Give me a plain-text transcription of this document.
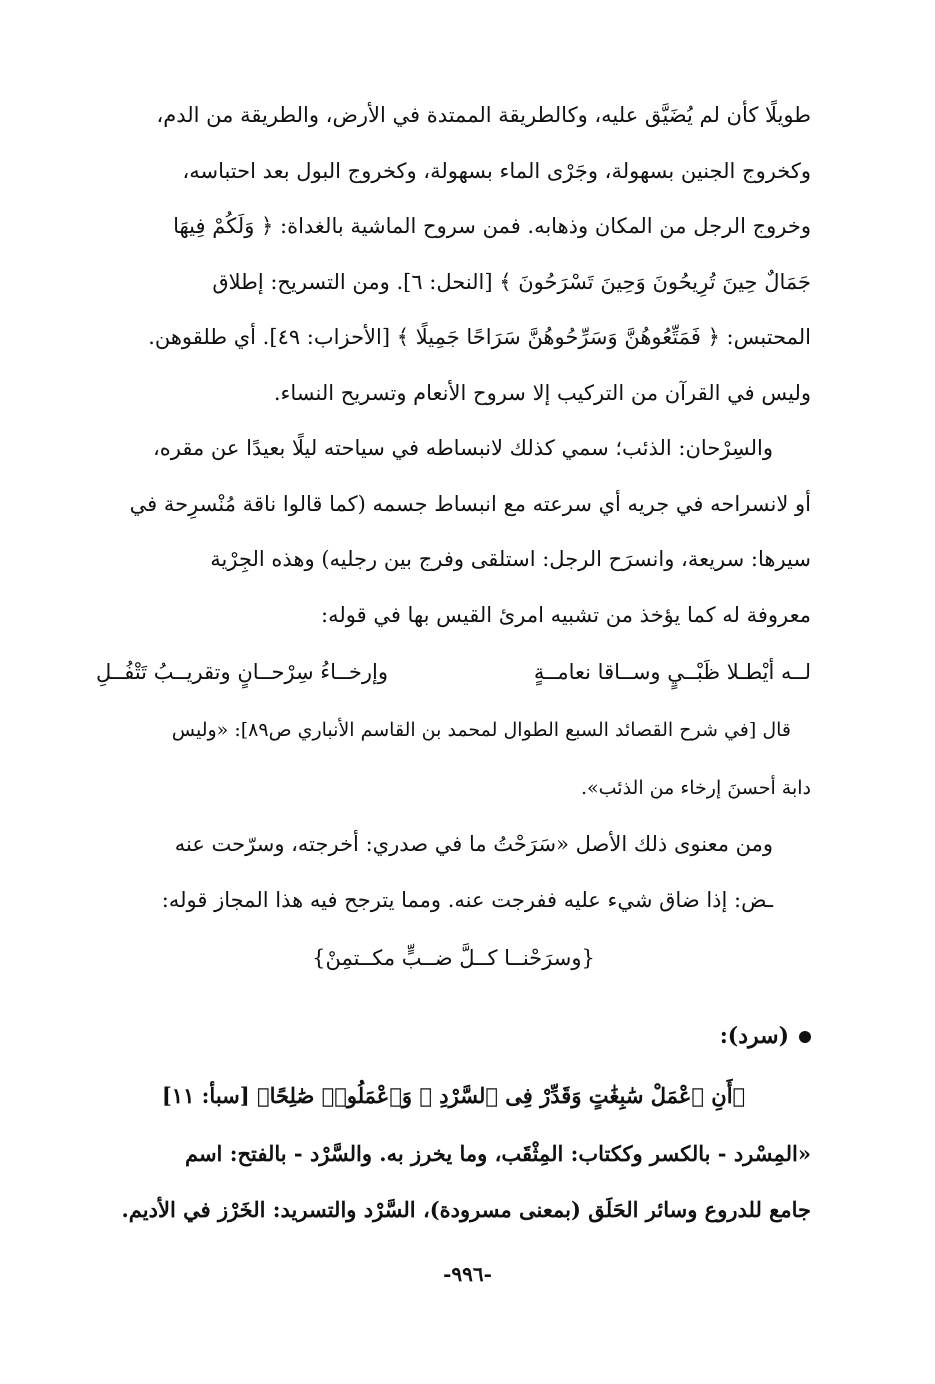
طويلًا كأن لم يُضَيَّق عليه، وكالطريقة الممتدة في الأرض، والطريقة من الدم،

وكخروج الجنين بسهولة، وجَرْى الماء بسهولة، وكخروج البول بعد احتباسه،

وخروج الرجل من المكان وذهابه. فمن سروح الماشية بالغداة: ﴿ وَلَكُمْ فِيهَا

جَمَالٌ حِينَ تُرِيحُونَ وَحِينَ تَسْرَحُونَ ﴾ [النحل: ٦]. ومن التسريح: إطلاق

المحتبس: ﴿ فَمَتِّعُوهُنَّ وَسَرِّحُوهُنَّ سَرَاحًا جَمِيلًا ﴾ [الأحزاب: ٤٩]. أي طلقوهن.

وليس في القرآن من التركيب إلا سروح الأنعام وتسريح النساء.

والسِرْحان: الذئب؛ سمي كذلك لانبساطه في سياحته ليلًا بعيدًا عن مقره،

أو لانسراحه في جريه أي سرعته مع انبساط جسمه (كما قالوا ناقة مُنْسرِحة في

سيرها: سريعة، وانسرَح الرجل: استلقى وفرج بين رجليه) وهذه الجِرْية

معروفة له كما يؤخذ من تشبيه امرئ القيس بها في قوله:

لــه أيْطـلا ظَبْــيٍ وســاقا نعامــةٍ
وإرخــاءُ سِرْحــانٍ وتقريــبُ تَتْفُــلِ

قال [في شرح القصائد السبع الطوال لمحمد بن القاسم الأنباري ص٨٩]: «وليس

دابة أحسنَ إرخاء من الذئب».

ومن معنوى ذلك الأصل «سَرَحْتُ ما في صدري: أخرجته، وسرّحت عنه

ـض: إذا ضاق شيء عليه ففرجت عنه. ومما يترجح فيه هذا المجاز قوله:

{وسرَحْنــا كــلَّ ضــبٍّ مكــتمِنْ}

(سرد):

﴿أَنِ ٱعْمَلْ سَٰبِغَٰتٍ وَقَدِّرْ فِى ٱلسَّرْدِ ۖ وَٱعْمَلُوا۟ صَٰلِحًا﴾ [سبأ: ١١]

«المِسْرد - بالكسر وككتاب: المِثْقَب، وما يخرز به. والسَّرْد - بالفتح: اسم

جامع للدروع وسائر الحَلَق (بمعنى مسرودة)، السَّرْد والتسريد: الخَرْز في الأديم.

-٩٩٦-
